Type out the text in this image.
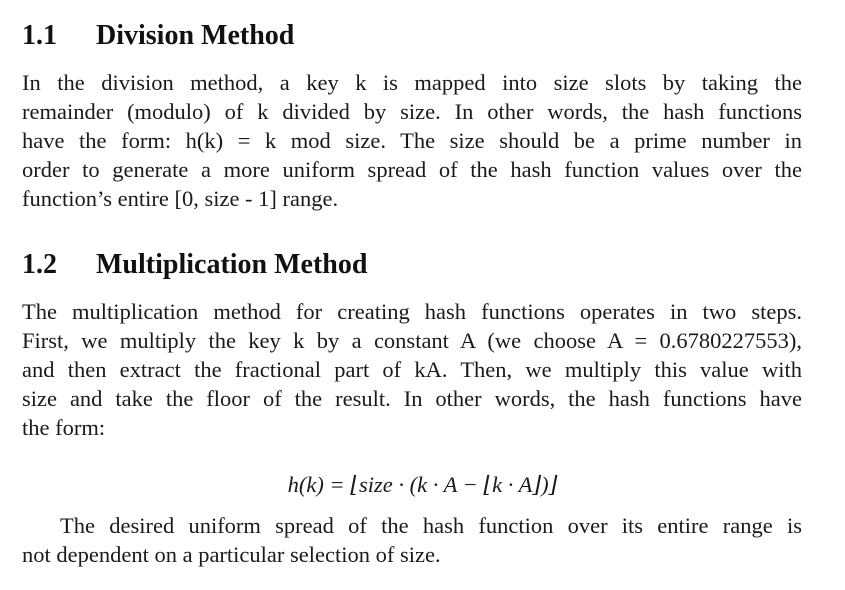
1.1 Division Method
In the division method, a key k is mapped into size slots by taking the
remainder (modulo) of k divided by size. In other words, the hash functions
have the form: h(k) = k mod size. The size should be a prime number in
order to generate a more uniform spread of the hash function values over the
function’s entire [0, size - 1] range.
1.2 Multiplication Method
The multiplication method for creating hash functions operates in two steps.
First, we multiply the key k by a constant A (we choose A = 0.6780227553),
and then extract the fractional part of kA. Then, we multiply this value with
size and take the floor of the result. In other words, the hash functions have
the form:
h(k) = ⌊size · (k · A − ⌊k · A⌋)⌋
The desired uniform spread of the hash function over its entire range is
not dependent on a particular selection of size.
